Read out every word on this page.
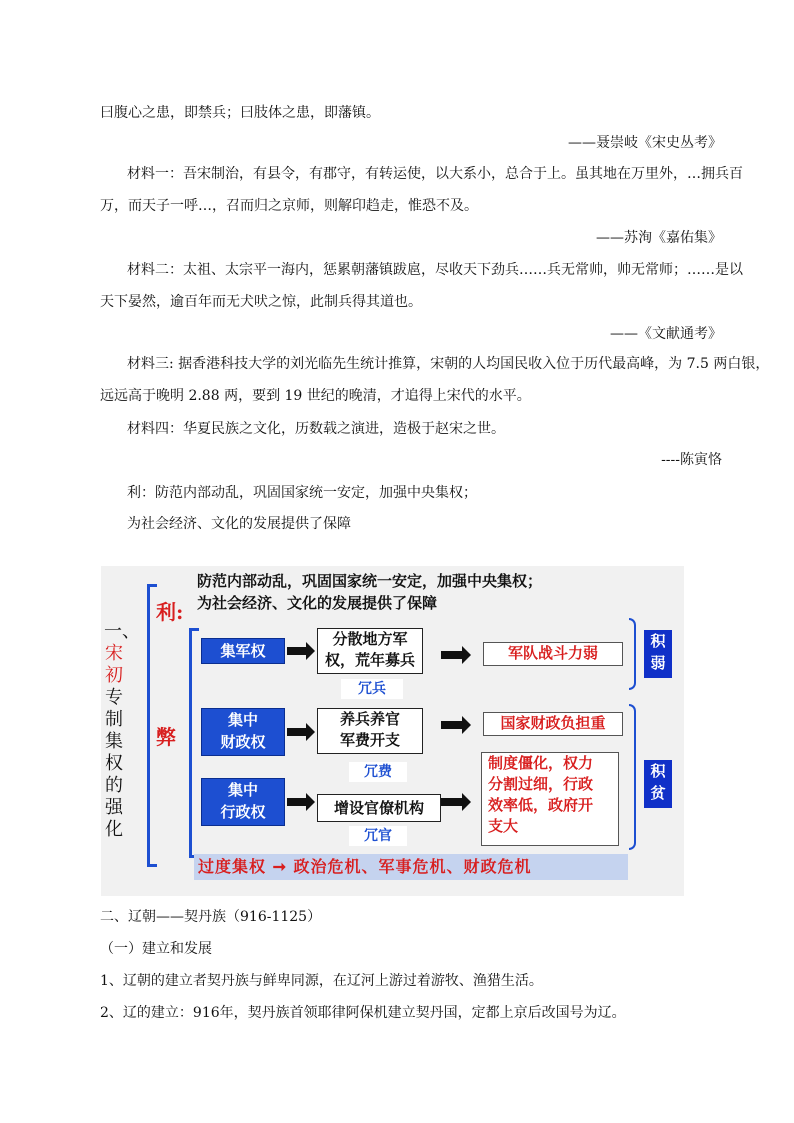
曰腹心之患，即禁兵；曰肢体之患，即藩镇。
——聂崇岐《宋史丛考》
材料一：吾宋制治，有县令，有郡守，有转运使，以大系小，总合于上。虽其地在万里外，…拥兵百
万，而天子一呼…，召而归之京师，则解印趋走，惟恐不及。
——苏洵《嘉佑集》
材料二：太祖、太宗平一海内，惩累朝藩镇跋扈，尽收天下劲兵……兵无常帅，帅无常师；……是以
天下晏然，逾百年而无犬吠之惊，此制兵得其道也。
——《文献通考》
材料三: 据香港科技大学的刘光临先生统计推算，宋朝的人均国民收入位于历代最高峰，为 7.5 两白银，
远远高于晚明 2.88 两，要到 19 世纪的晚清，才追得上宋代的水平。
材料四：华夏民族之文化，历数载之演进，造极于赵宋之世。
----陈寅恪
利：防范内部动乱，巩固国家统一安定，加强中央集权；
为社会经济、文化的发展提供了保障
防范内部动乱，巩固国家统一安定，加强中央集权；
为社会经济、文化的发展提供了保障
一、
宋初
专制集权的强化
利:
弊
集军权
分散地方军
权，荒年募兵
冗兵
军队战斗力弱
集中
财政权
养兵养官
军费开支
冗费
国家财政负担重
集中
行政权	增设官僚机构
冗官
制度僵化，权力
分割过细，行政
效率低，政府开
支大
积
弱
积
贫
过度集权 ➞ 政治危机、军事危机、财政危机
二、辽朝——契丹族（916-1125）
（一）建立和发展
1、辽朝的建立者契丹族与鲜卑同源，在辽河上游过着游牧、渔猎生活。
2、辽的建立：916年，契丹族首领耶律阿保机建立契丹国，定都上京后改国号为辽。
